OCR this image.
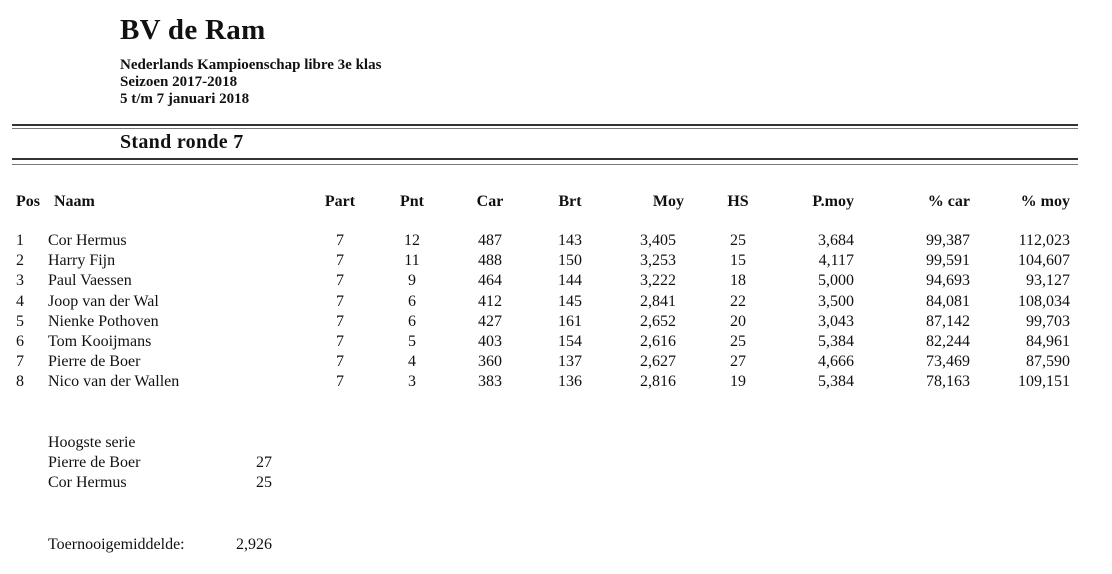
BV de Ram
Nederlands Kampioenschap libre 3e klas
Seizoen 2017-2018
5 t/m 7 januari 2018
Stand ronde 7
Pos Naam	Part	Pnt	Car	Brt	Moy	HS	P.moy	% car	% moy
1	Cor Hermus	7	12	487	143	3,405	25	3,684	99,387	112,023
2	Harry Fijn	7	11	488	150	3,253	15	4,117	99,591	104,607
3	Paul Vaessen	7	9	464	144	3,222	18	5,000	94,693	93,127
4	Joop van der Wal	7	6	412	145	2,841	22	3,500	84,081	108,034
5	Nienke Pothoven	7	6	427	161	2,652	20	3,043	87,142	99,703
6	Tom Kooijmans	7	5	403	154	2,616	25	5,384	82,244	84,961
7	Pierre de Boer	7	4	360	137	2,627	27	4,666	73,469	87,590
8	Nico van der Wallen	7	3	383	136	2,816	19	5,384	78,163	109,151
Hoogste serie
Pierre de Boer	27
Cor Hermus	25
Toernooigemiddelde:	2,926
